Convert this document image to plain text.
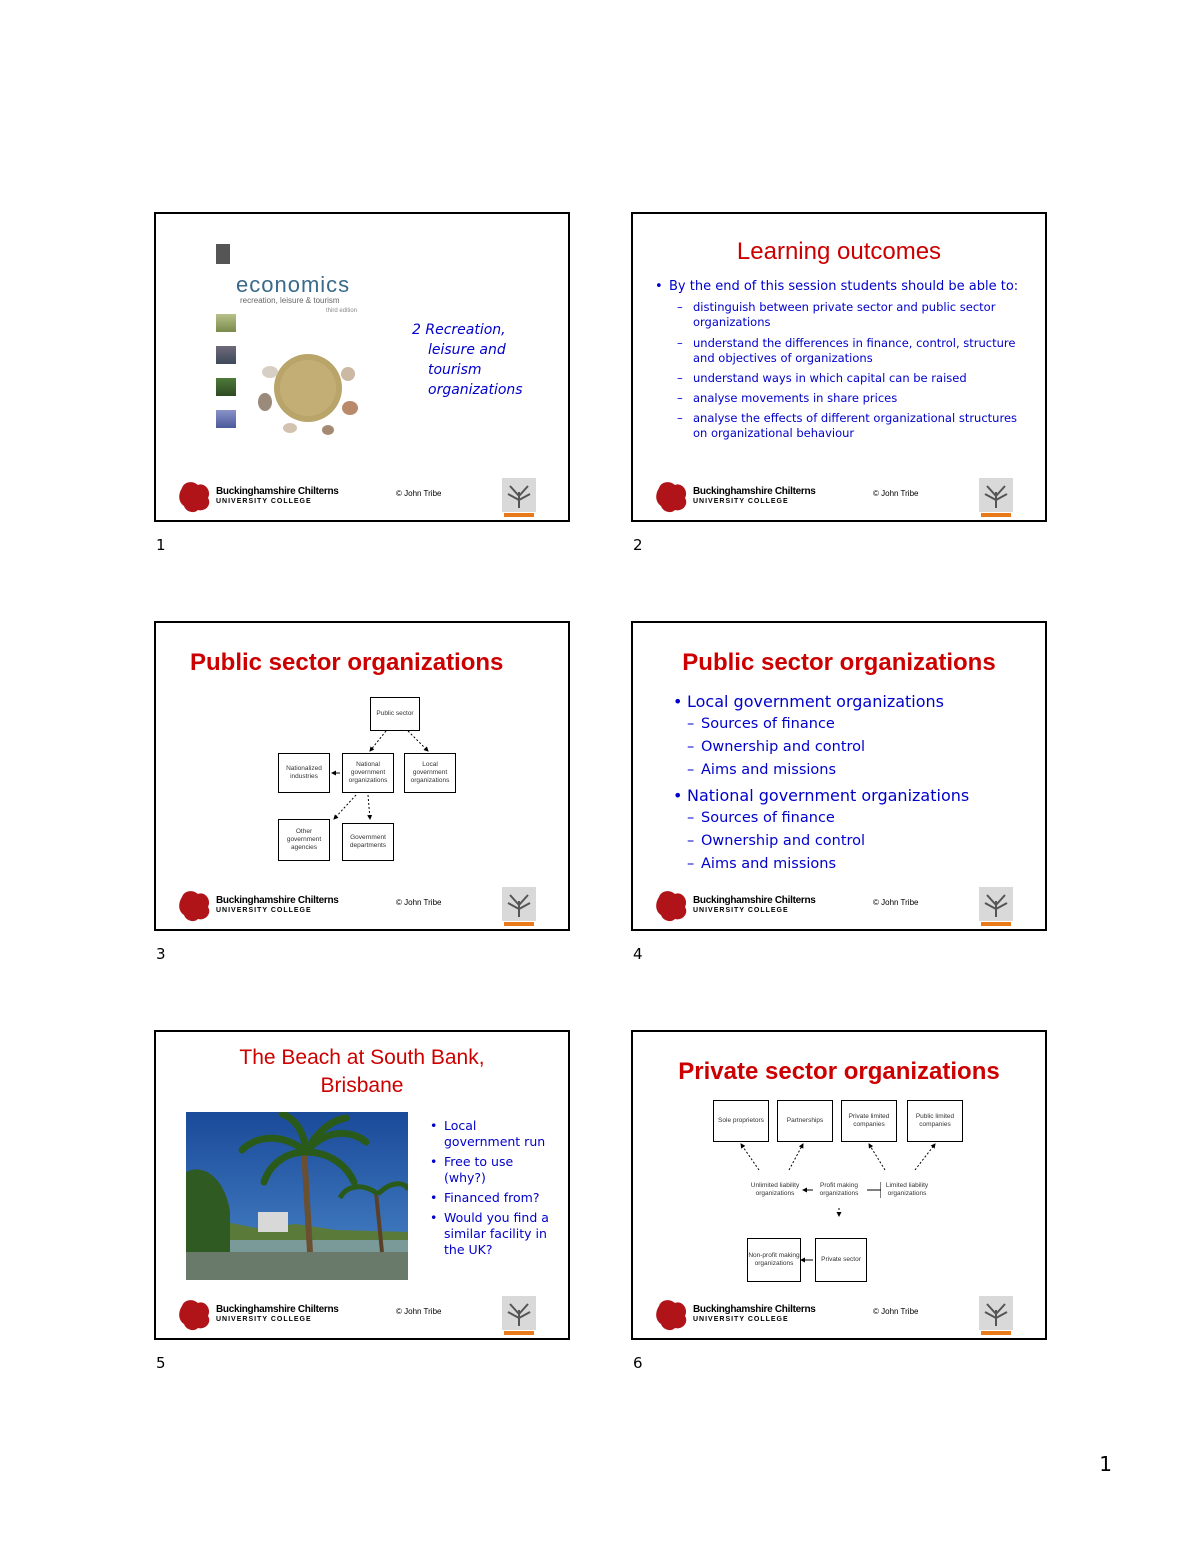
economics
recreation, leisure & tourism
third edition
2 Recreation,
leisure and
tourism
organizations
Buckinghamshire Chilterns
UNIVERSITY COLLEGE
© John Tribe
1
Learning outcomes
• By the end of this session students should be able to:
– distinguish between private sector and public sector organizations
– understand the differences in finance, control, structure and objectives of organizations
– understand ways in which capital can be raised
– analyse movements in share prices
– analyse the effects of different organizational structures on organizational behaviour
Buckinghamshire Chilterns
UNIVERSITY COLLEGE
© John Tribe
2
Public sector organizations
Public sector
Nationalized industries
National government organizations
Local government organizations
Other government agencies
Government departments
Buckinghamshire Chilterns
UNIVERSITY COLLEGE
© John Tribe
3
Public sector organizations
• Local government organizations
– Sources of finance
– Ownership and control
– Aims and missions
• National government organizations
– Sources of finance
– Ownership and control
– Aims and missions
Buckinghamshire Chilterns
UNIVERSITY COLLEGE
© John Tribe
4
The Beach at South Bank, Brisbane
• Local government run
• Free to use (why?)
• Financed from?
• Would you find a similar facility in the UK?
Buckinghamshire Chilterns
UNIVERSITY COLLEGE
© John Tribe
5
Private sector organizations
Sole proprietors	Partnerships
Private limited companies
Public limited companies
Unlimited liability organizations
Profit making organizations
Limited liability organizations
Non-profit making organizations
Private sector
Buckinghamshire Chilterns
UNIVERSITY COLLEGE
© John Tribe
6
1
